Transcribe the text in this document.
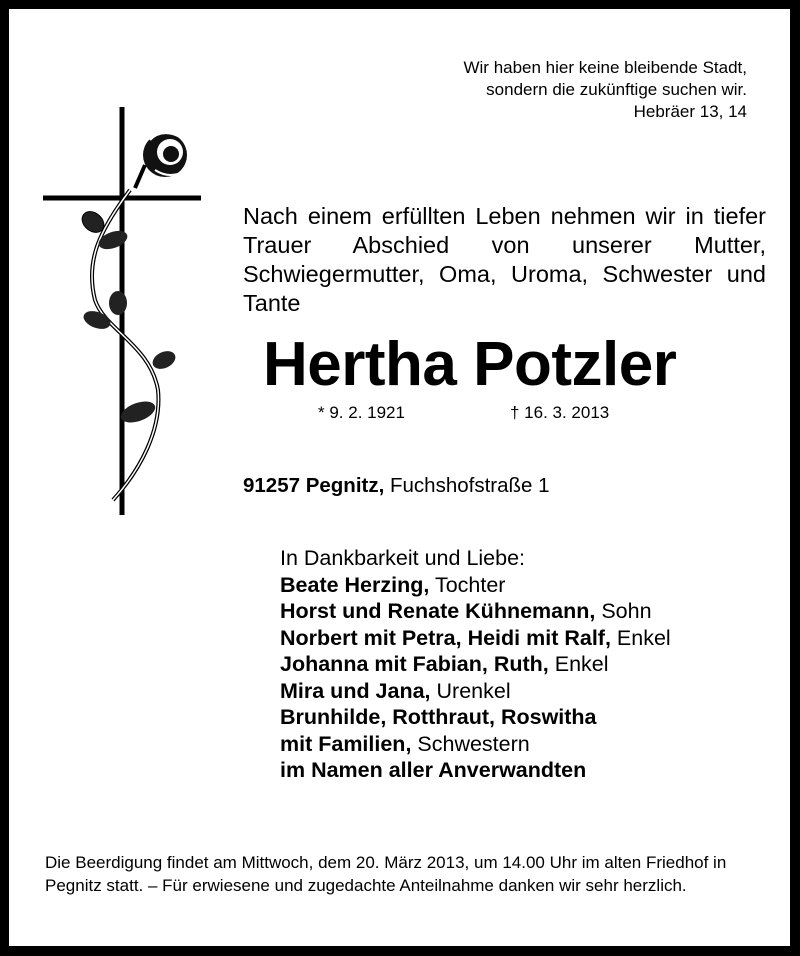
Wir haben hier keine bleibende Stadt,
sondern die zukünftige suchen wir.
Hebräer 13, 14
Nach einem erfüllten Leben nehmen wir in tiefer Trauer Abschied von unserer Mutter, Schwiegermutter, Oma, Uroma, Schwester und Tante
Hertha Potzler
* 9. 2. 1921	† 16. 3. 2013
91257 Pegnitz, Fuchshofstraße 1
In Dankbarkeit und Liebe:
Beate Herzing, Tochter
Horst und Renate Kühnemann, Sohn
Norbert mit Petra, Heidi mit Ralf, Enkel
Johanna mit Fabian, Ruth, Enkel
Mira und Jana, Urenkel
Brunhilde, Rotthraut, Roswitha
mit Familien, Schwestern
im Namen aller Anverwandten
Die Beerdigung findet am Mittwoch, dem 20. März 2013, um 14.00 Uhr im alten Friedhof in Pegnitz statt. – Für erwiesene und zugedachte Anteilnahme danken wir sehr herzlich.
